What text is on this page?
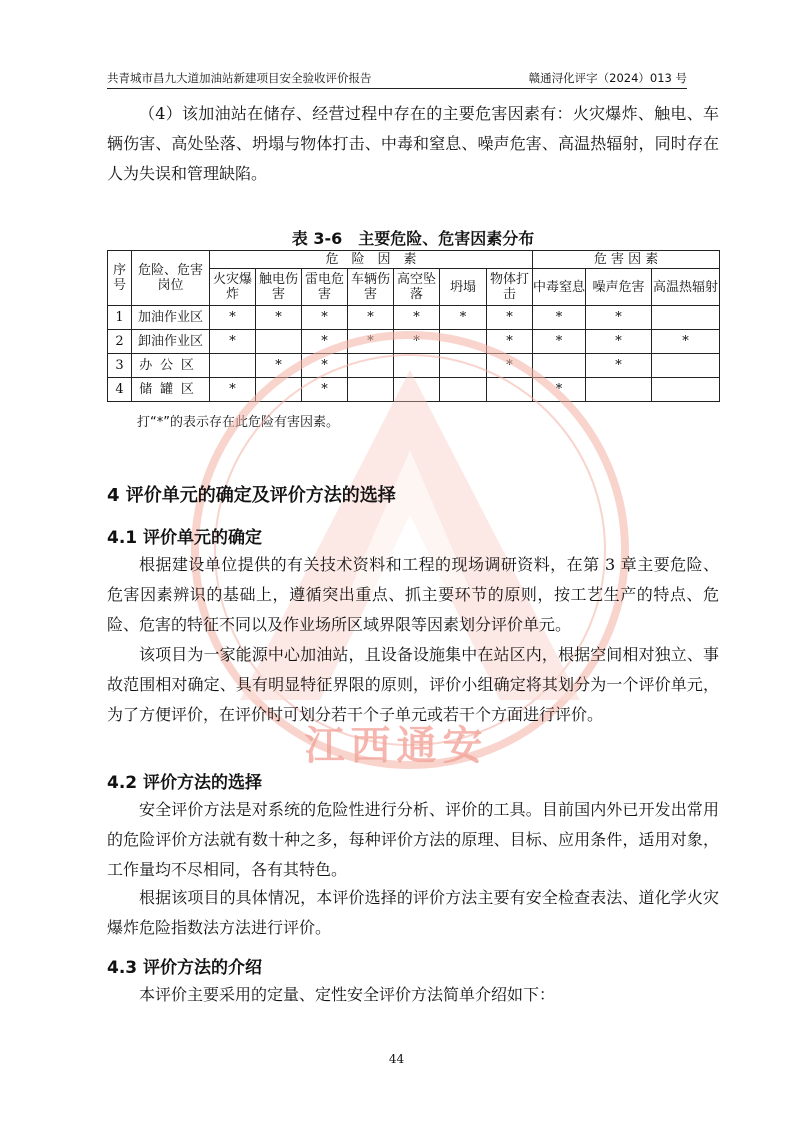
共青城市昌九大道加油站新建项目安全验收评价报告	赣通浔化评字（2024）013 号

（4）该加油站在储存、经营过程中存在的主要危害因素有：火灾爆炸、触电、车辆伤害、高处坠落、坍塌与物体打击、中毒和窒息、噪声危害、高温热辐射，同时存在人为失误和管理缺陷。

表 3-6　主要危险、危害因素分布
序号	危险、危害岗位	危　险　因　素							危 害 因 素		
		火灾爆炸	触电伤害	雷电危害	车辆伤害	高空坠落	坍塌	物体打击	中毒窒息	噪声危害	高温热辐射
1	加油作业区	*	*	*	*	*	*	*	*	*	
2	卸油作业区	*		*	*	*		*	*	*	*
3	办公区		*	*				*		*	
4	储罐区	*		*					*		
打“*”的表示存在此危险有害因素。
江西通安
4 评价单元的确定及评价方法的选择
4.1 评价单元的确定

根据建设单位提供的有关技术资料和工程的现场调研资料，在第 3 章主要危险、危害因素辨识的基础上，遵循突出重点、抓主要环节的原则，按工艺生产的特点、危险、危害的特征不同以及作业场所区域界限等因素划分评价单元。

该项目为一家能源中心加油站，且设备设施集中在站区内，根据空间相对独立、事故范围相对确定、具有明显特征界限的原则，评价小组确定将其划分为一个评价单元，为了方便评价，在评价时可划分若干个子单元或若干个方面进行评价。

4.2 评价方法的选择

安全评价方法是对系统的危险性进行分析、评价的工具。目前国内外已开发出常用的危险评价方法就有数十种之多，每种评价方法的原理、目标、应用条件，适用对象，工作量均不尽相同，各有其特色。

根据该项目的具体情况，本评价选择的评价方法主要有安全检查表法、道化学火灾爆炸危险指数法方法进行评价。

4.3 评价方法的介绍

本评价主要采用的定量、定性安全评价方法简单介绍如下：

44
